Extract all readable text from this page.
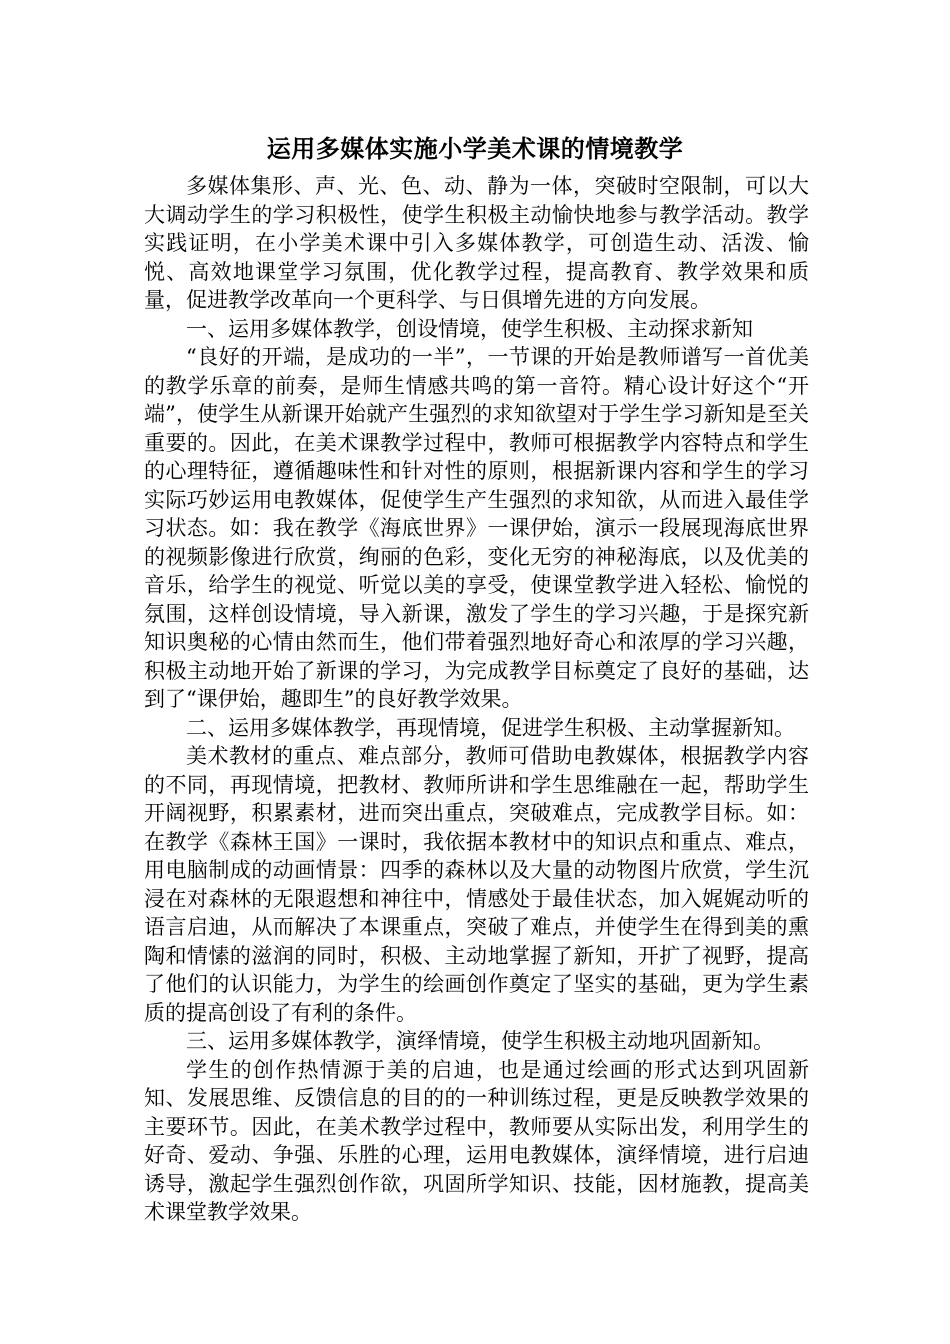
运用多媒体实施小学美术课的情境教学

多媒体集形、声、光、色、动、静为一体，突破时空限制，可以大大调动学生的学习积极性，使学生积极主动愉快地参与教学活动。教学实践证明，在小学美术课中引入多媒体教学，可创造生动、活泼、愉悦、高效地课堂学习氛围，优化教学过程，提高教育、教学效果和质量，促进教学改革向一个更科学、与日俱增先进的方向发展。

一、运用多媒体教学，创设情境，使学生积极、主动探求新知

“良好的开端，是成功的一半”，一节课的开始是教师谱写一首优美的教学乐章的前奏，是师生情感共鸣的第一音符。精心设计好这个“开端”，使学生从新课开始就产生强烈的求知欲望对于学生学习新知是至关重要的。因此，在美术课教学过程中，教师可根据教学内容特点和学生的心理特征，遵循趣味性和针对性的原则，根据新课内容和学生的学习实际巧妙运用电教媒体，促使学生产生强烈的求知欲，从而进入最佳学习状态。如：我在教学《海底世界》一课伊始，演示一段展现海底世界的视频影像进行欣赏，绚丽的色彩，变化无穷的神秘海底，以及优美的音乐，给学生的视觉、听觉以美的享受，使课堂教学进入轻松、愉悦的氛围，这样创设情境，导入新课，激发了学生的学习兴趣，于是探究新知识奥秘的心情由然而生，他们带着强烈地好奇心和浓厚的学习兴趣，积极主动地开始了新课的学习，为完成教学目标奠定了良好的基础，达到了“课伊始，趣即生”的良好教学效果。

二、运用多媒体教学，再现情境，促进学生积极、主动掌握新知。

美术教材的重点、难点部分，教师可借助电教媒体，根据教学内容的不同，再现情境，把教材、教师所讲和学生思维融在一起，帮助学生开阔视野，积累素材，进而突出重点，突破难点，完成教学目标。如：在教学《森林王国》一课时，我依据本教材中的知识点和重点、难点，用电脑制成的动画情景：四季的森林以及大量的动物图片欣赏，学生沉浸在对森林的无限遐想和神往中，情感处于最佳状态，加入娓娓动听的语言启迪，从而解决了本课重点，突破了难点，并使学生在得到美的熏陶和情愫的滋润的同时，积极、主动地掌握了新知，开扩了视野，提高了他们的认识能力，为学生的绘画创作奠定了坚实的基础，更为学生素质的提高创设了有利的条件。

三、运用多媒体教学，演绎情境，使学生积极主动地巩固新知。

学生的创作热情源于美的启迪，也是通过绘画的形式达到巩固新知、发展思维、反馈信息的目的的一种训练过程，更是反映教学效果的主要环节。因此，在美术教学过程中，教师要从实际出发，利用学生的好奇、爱动、争强、乐胜的心理，运用电教媒体，演绎情境，进行启迪诱导，激起学生强烈创作欲，巩固所学知识、技能，因材施教，提高美术课堂教学效果。
